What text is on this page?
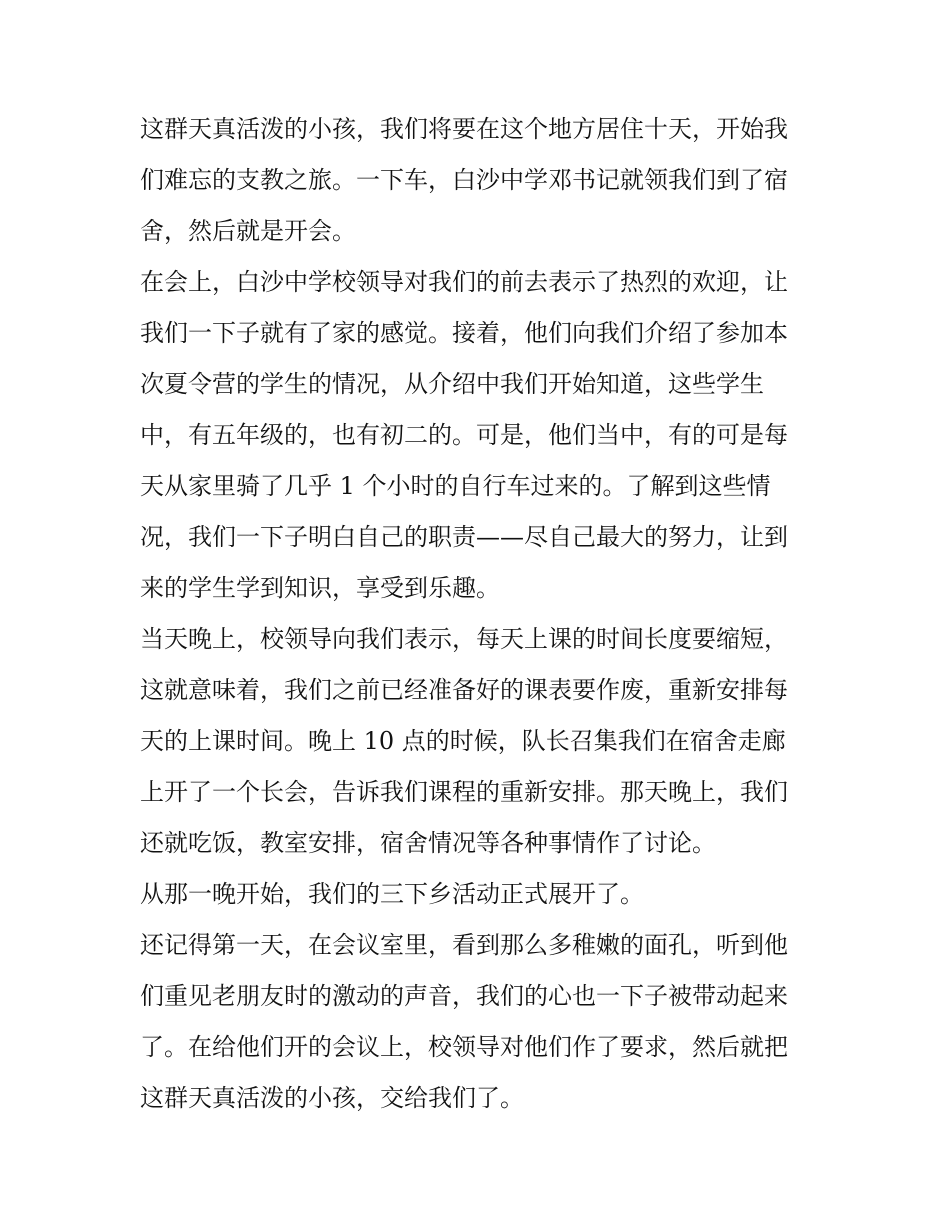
这群天真活泼的小孩，我们将要在这个地方居住十天，开始我
们难忘的支教之旅。一下车，白沙中学邓书记就领我们到了宿
舍，然后就是开会。
在会上，白沙中学校领导对我们的前去表示了热烈的欢迎，让
我们一下子就有了家的感觉。接着，他们向我们介绍了参加本
次夏令营的学生的情况，从介绍中我们开始知道，这些学生
中，有五年级的，也有初二的。可是，他们当中，有的可是每
天从家里骑了几乎 1 个小时的自行车过来的。了解到这些情
况，我们一下子明白自己的职责——尽自己最大的努力，让到
来的学生学到知识，享受到乐趣。
当天晚上，校领导向我们表示，每天上课的时间长度要缩短，
这就意味着，我们之前已经准备好的课表要作废，重新安排每
天的上课时间。晚上 10 点的时候，队长召集我们在宿舍走廊
上开了一个长会，告诉我们课程的重新安排。那天晚上，我们
还就吃饭，教室安排，宿舍情况等各种事情作了讨论。
从那一晚开始，我们的三下乡活动正式展开了。
还记得第一天，在会议室里，看到那么多稚嫩的面孔，听到他
们重见老朋友时的激动的声音，我们的心也一下子被带动起来
了。在给他们开的会议上，校领导对他们作了要求，然后就把
这群天真活泼的小孩，交给我们了。
